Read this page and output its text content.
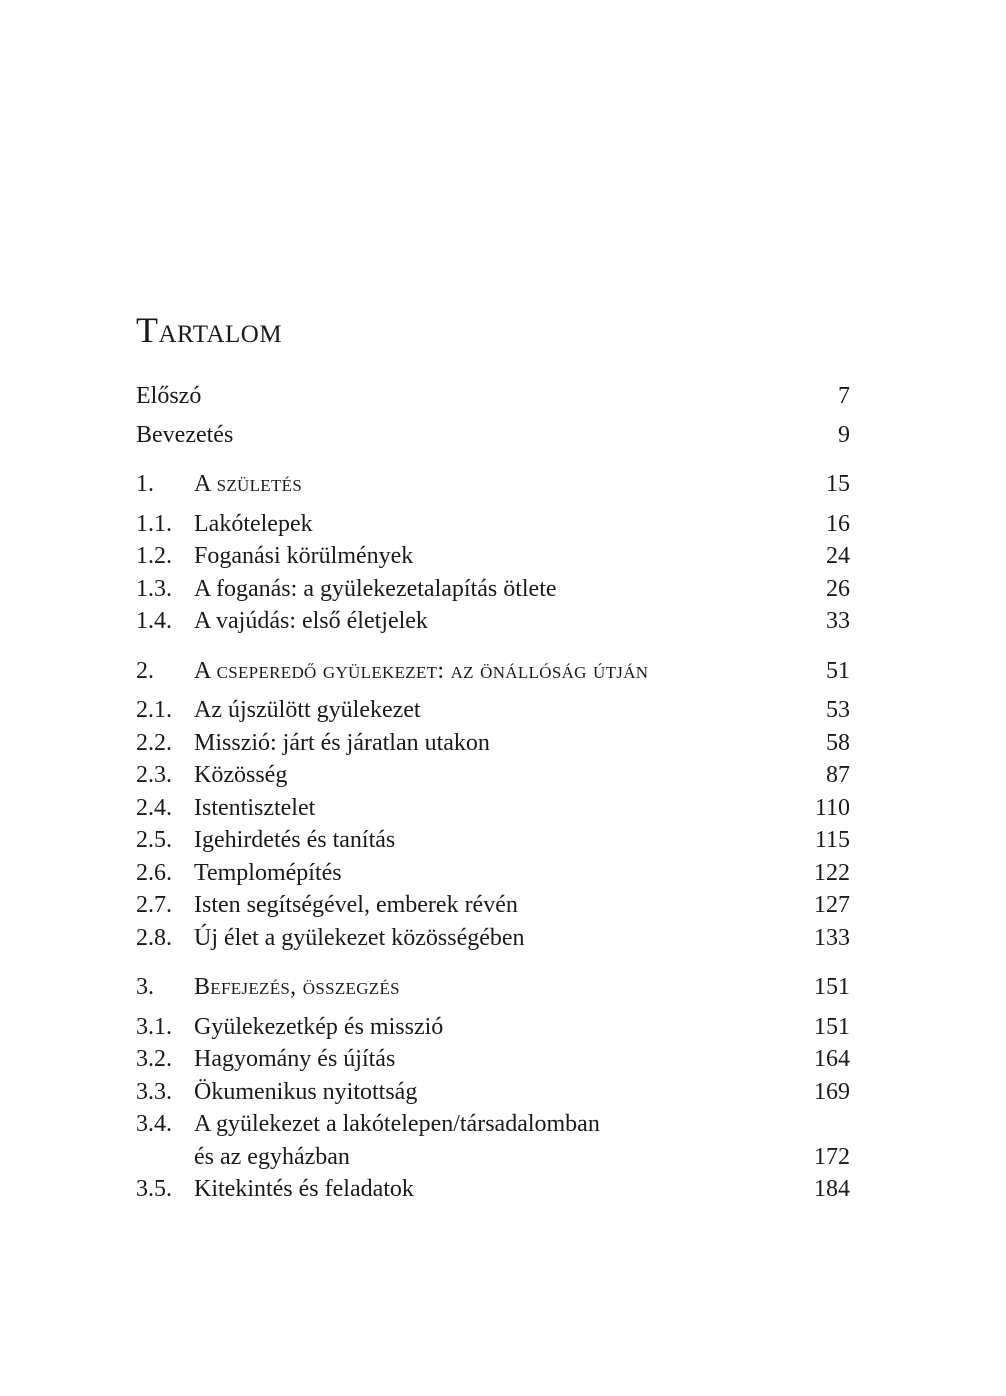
Tartalom
Előszó	7
Bevezetés	9
1.	A születés	15
1.1. Lakótelepek	16
1.2. Foganási körülmények	24
1.3. A foganás: a gyülekezetalapítás ötlete	26
1.4. A vajúdás: első életjelek	33
2.	A cseperedő gyülekezet: az önállóság útján	51
2.1. Az újszülött gyülekezet	53
2.2. Misszió: járt és járatlan utakon	58
2.3. Közösség	87
2.4. Istentisztelet	110
2.5. Igehirdetés és tanítás	115
2.6. Templomépítés	122
2.7. Isten segítségével, emberek révén	127
2.8. Új élet a gyülekezet közösségében	133
3.	Befejezés, összegzés	151
3.1. Gyülekezetkép és misszió	151
3.2. Hagyomány és újítás	164
3.3. Ökumenikus nyitottság	169
3.4. A gyülekezet a lakótelepen/társadalomban
és az egyházban	172
3.5. Kitekintés és feladatok	184
